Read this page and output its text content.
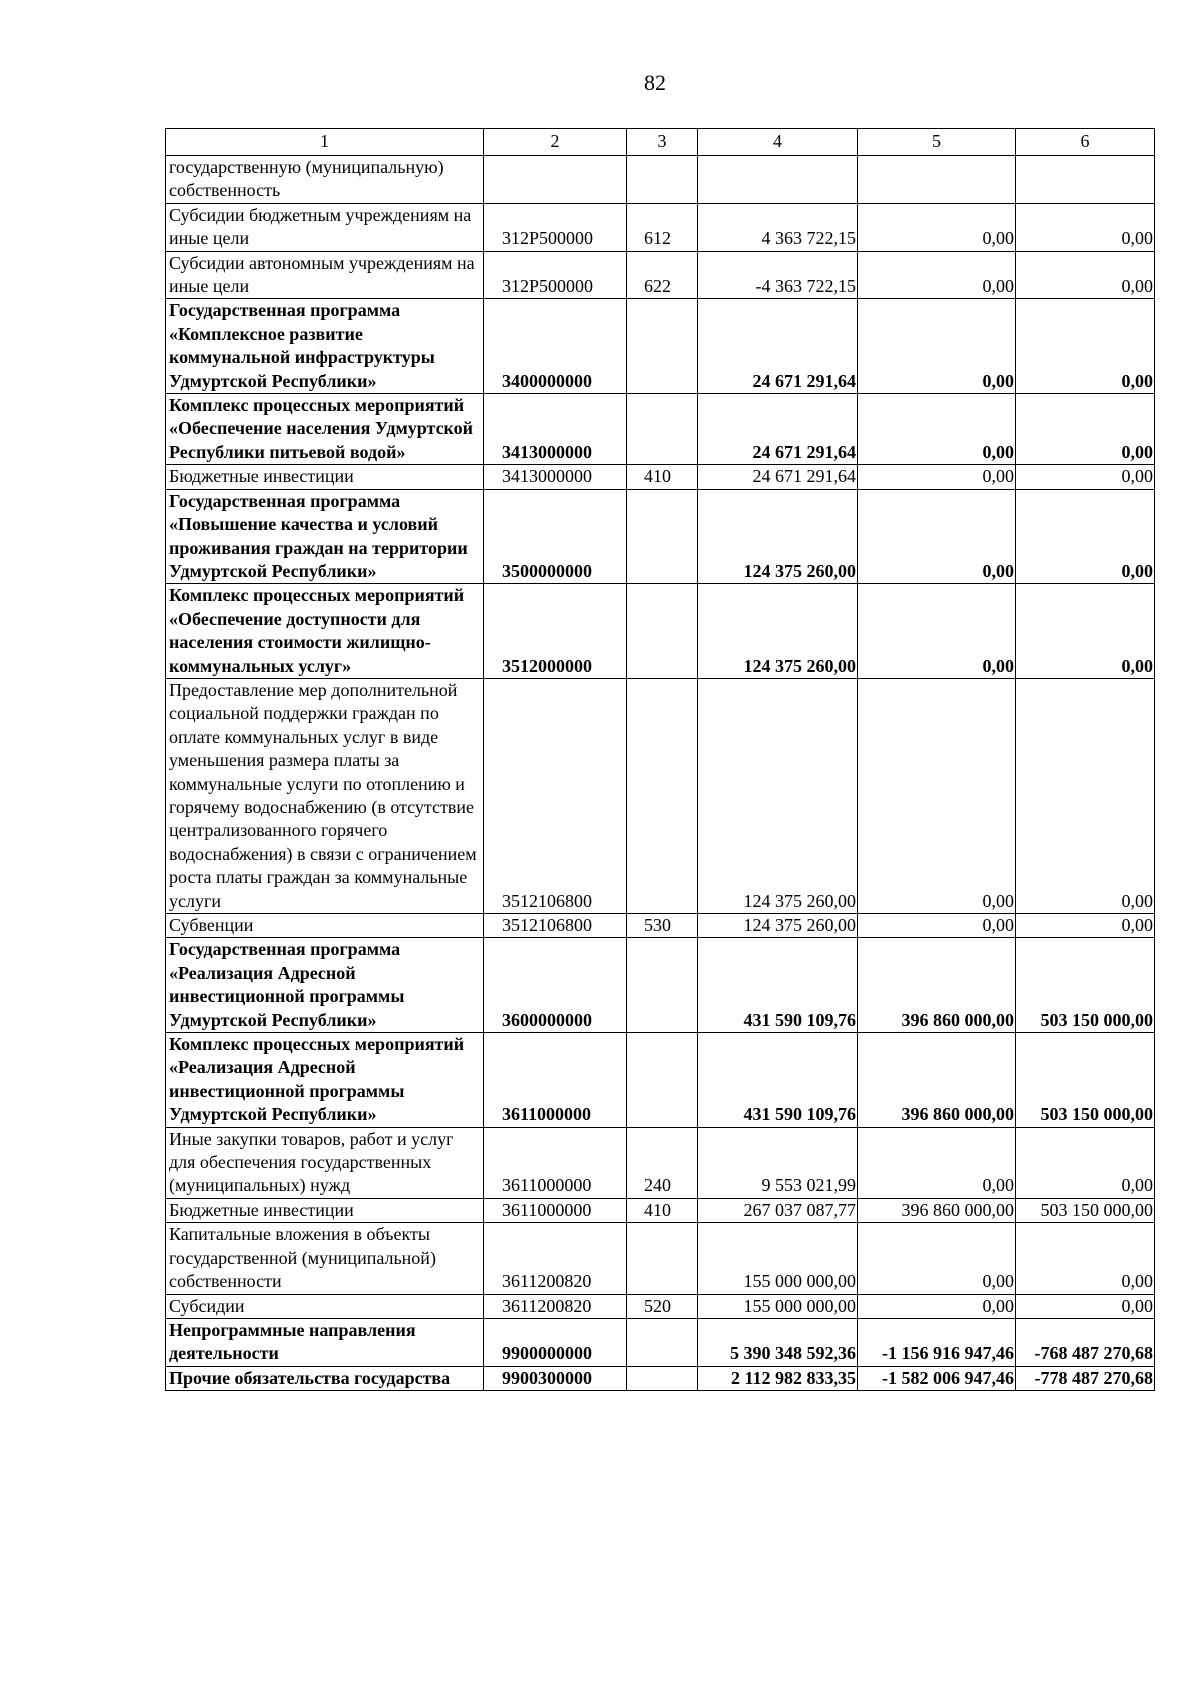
82
1	2	3	4	5	6
государственную (муниципальную) собственность					
Субсидии бюджетным учреждениям на иные цели	312P500000	612	4 363 722,15	0,00	0,00
Субсидии автономным учреждениям на иные цели	312P500000	622	-4 363 722,15	0,00	0,00
Государственная программа «Комплексное развитие коммунальной инфраструктуры Удмуртской Республики»	3400000000		24 671 291,64	0,00	0,00
Комплекс процессных мероприятий «Обеспечение населения Удмуртской Республики питьевой водой»	3413000000		24 671 291,64	0,00	0,00
Бюджетные инвестиции	3413000000	410	24 671 291,64	0,00	0,00
Государственная программа «Повышение качества и условий проживания граждан на территории Удмуртской Республики»	3500000000		124 375 260,00	0,00	0,00
Комплекс процессных мероприятий «Обеспечение доступности для населения стоимости жилищно-коммунальных услуг»	3512000000		124 375 260,00	0,00	0,00
Предоставление мер дополнительной социальной поддержки граждан по оплате коммунальных услуг в виде уменьшения размера платы за коммунальные услуги по отоплению и горячему водоснабжению (в отсутствие централизованного горячего водоснабжения) в связи с ограничением роста платы граждан за коммунальные услуги	3512106800		124 375 260,00	0,00	0,00
Субвенции	3512106800	530	124 375 260,00	0,00	0,00
Государственная программа «Реализация Адресной инвестиционной программы Удмуртской Республики»	3600000000		431 590 109,76	396 860 000,00	503 150 000,00
Комплекс процессных мероприятий «Реализация Адресной инвестиционной программы Удмуртской Республики»	3611000000		431 590 109,76	396 860 000,00	503 150 000,00
Иные закупки товаров, работ и услуг для обеспечения государственных (муниципальных) нужд	3611000000	240	9 553 021,99	0,00	0,00
Бюджетные инвестиции	3611000000	410	267 037 087,77	396 860 000,00	503 150 000,00
Капитальные вложения в объекты государственной (муниципальной) собственности	3611200820		155 000 000,00	0,00	0,00
Субсидии	3611200820	520	155 000 000,00	0,00	0,00
Непрограммные направления деятельности	9900000000		5 390 348 592,36	-1 156 916 947,46	-768 487 270,68
Прочие обязательства государства	9900300000		2 112 982 833,35	-1 582 006 947,46	-778 487 270,68
